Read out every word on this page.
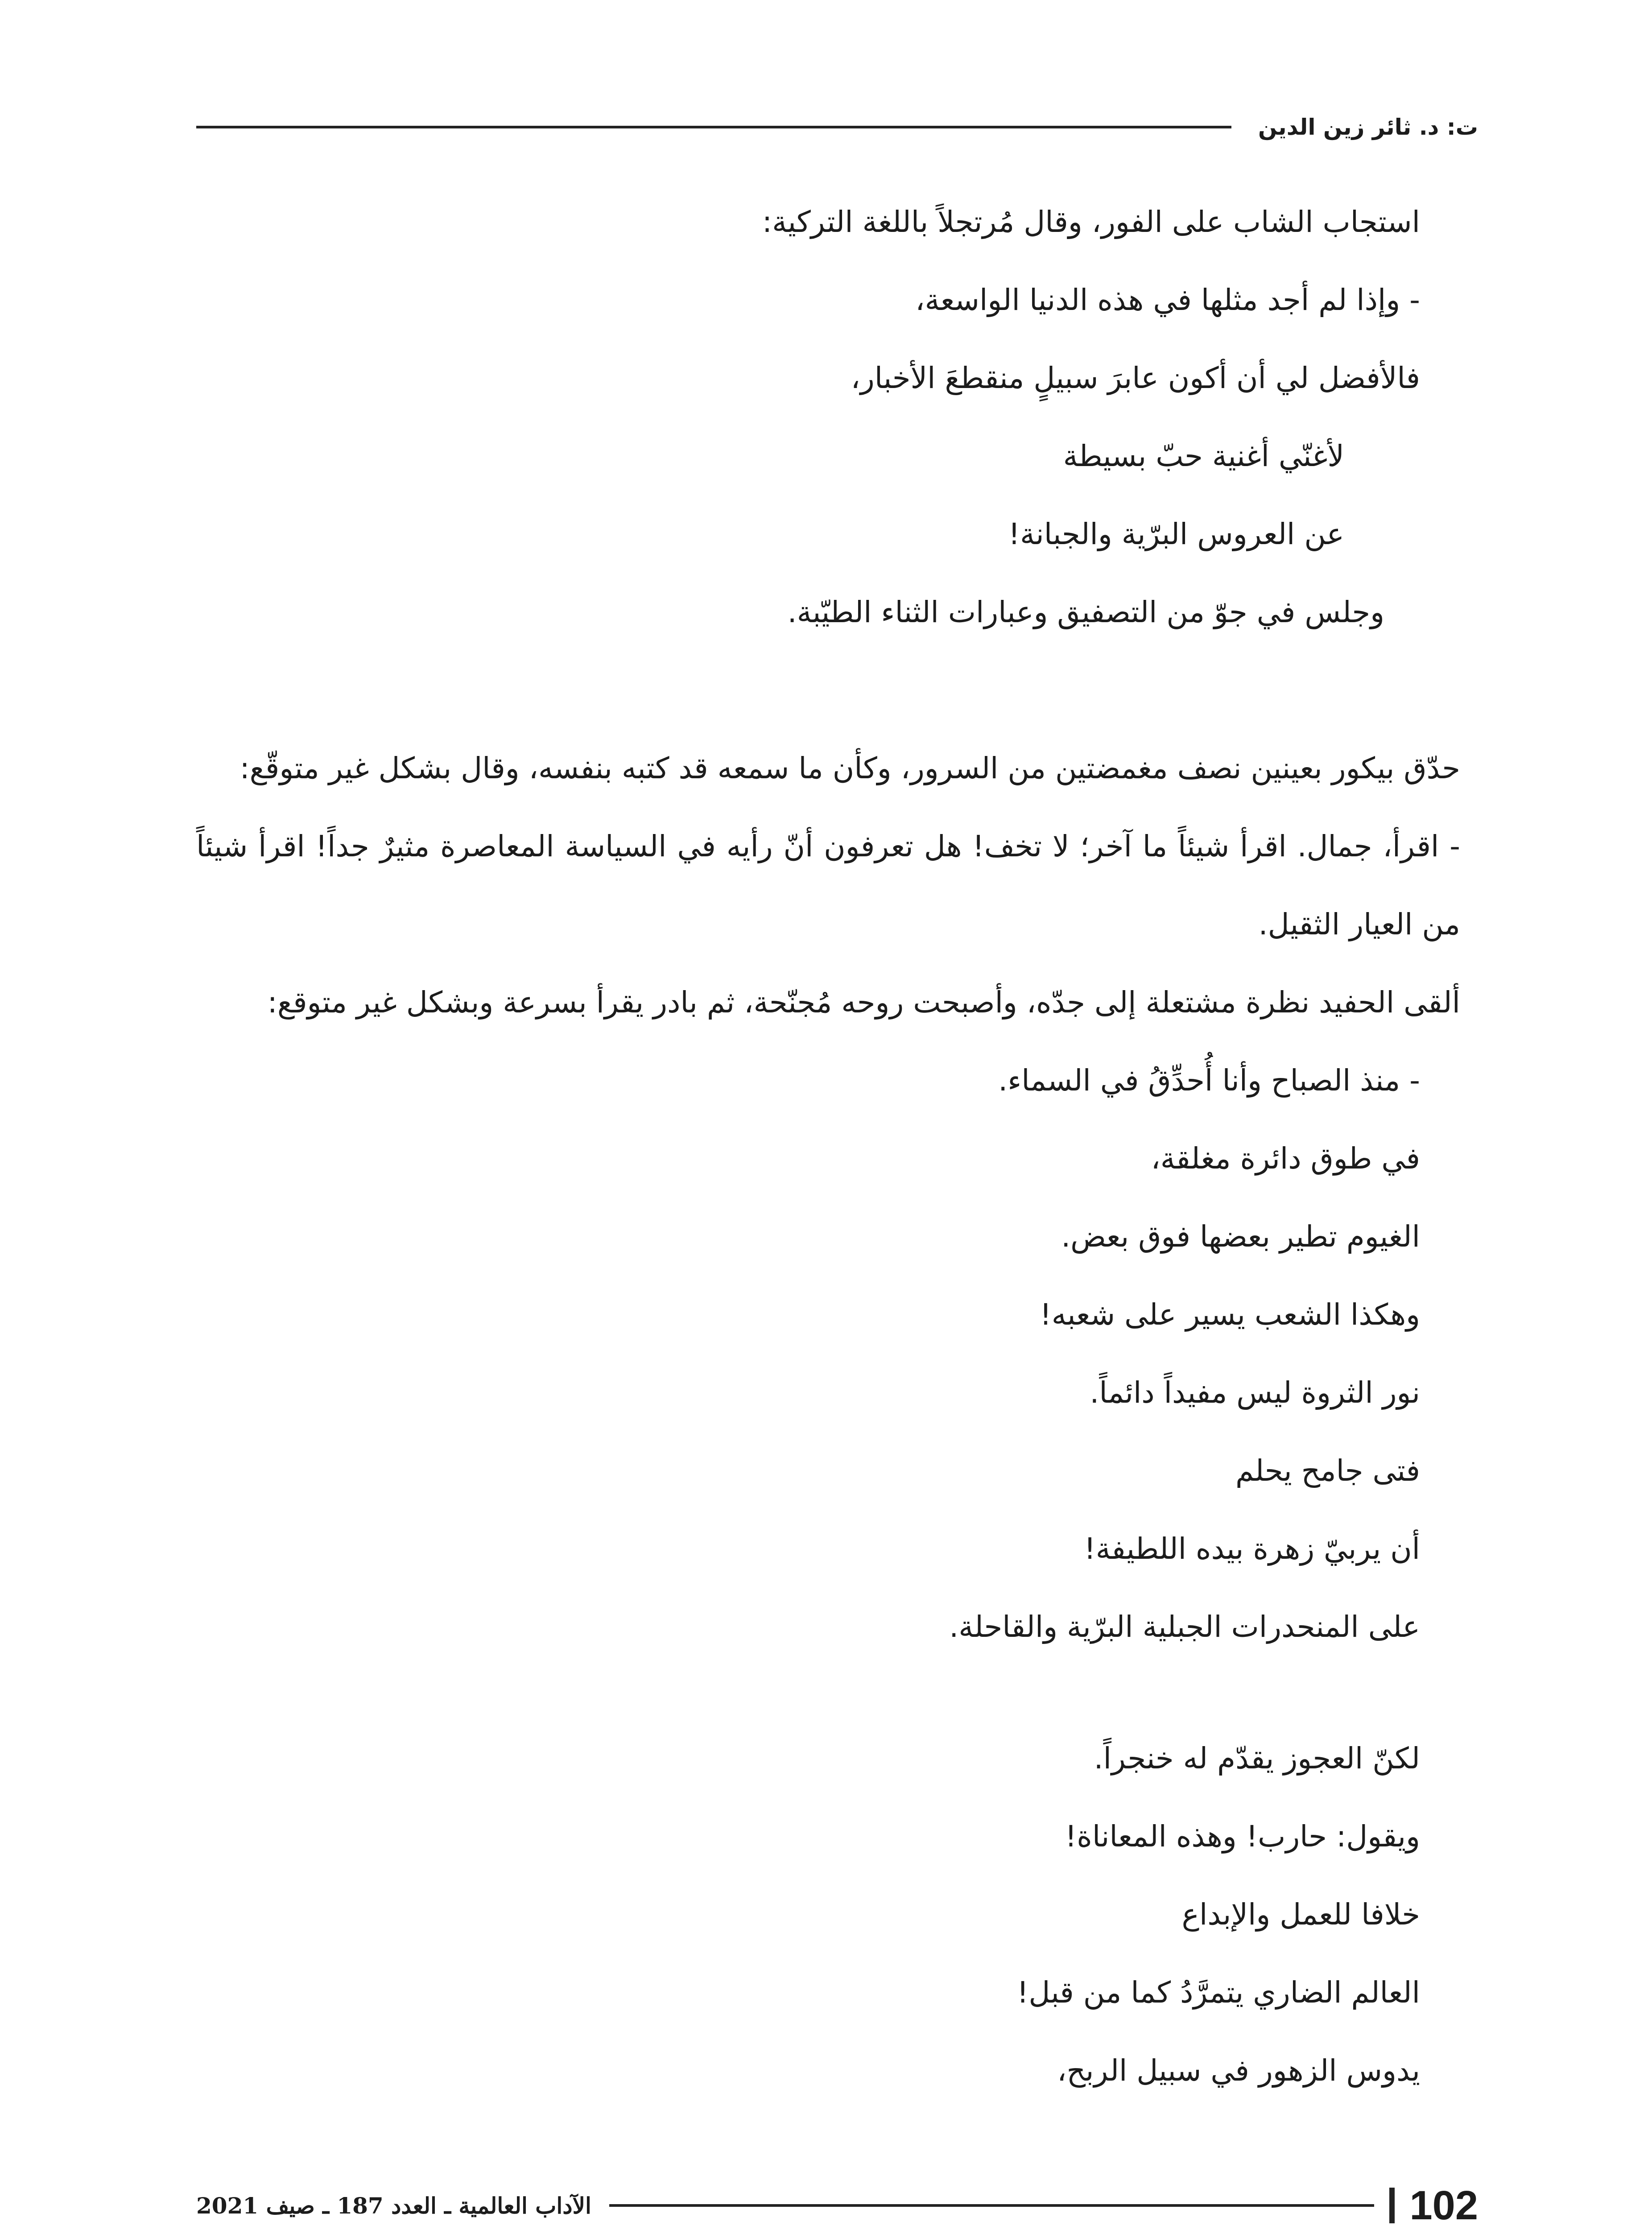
ت: د. ثائر زين الدين
استجاب الشاب على الفور، وقال مُرتجلاً باللغة التركية:
- وإذا لم أجد مثلها في هذه الدنيا الواسعة،
فالأفضل لي أن أكون عابرَ سبيلٍ منقطعَ الأخبار،
لأغنّي أغنية حبّ بسيطة
عن العروس البرّية والجبانة!
وجلس في جوّ من التصفيق وعبارات الثناء الطيّبة.
حدّق بيكور بعينين نصف مغمضتين من السرور، وكأن ما سمعه قد كتبه بنفسه، وقال بشكل غير متوقّع:
- اقرأ، جمال. اقرأ شيئاً ما آخر؛ لا تخف! هل تعرفون أنّ رأيه في السياسة المعاصرة مثيرٌ جداً! اقرأ شيئاً من العيار الثقيل.
ألقى الحفيد نظرة مشتعلة إلى جدّه، وأصبحت روحه مُجنّحة، ثم بادر يقرأ بسرعة وبشكل غير متوقع:
- منذ الصباح وأنا أُحدِّقُ في السماء.
في طوق دائرة مغلقة،
الغيوم تطير بعضها فوق بعض.
وهكذا الشعب يسير على شعبه!
نور الثروة ليس مفيداً دائماً.
فتى جامح يحلم
أن يربيّ زهرة بيده اللطيفة!
على المنحدرات الجبلية البرّية والقاحلة.
لكنّ العجوز يقدّم له خنجراً.
ويقول: حارب! وهذه المعاناة!
خلافا للعمل والإبداع
العالم الضاري يتمرَّدُ كما من قبل!
يدوس الزهور في سبيل الربح،
102
الآداب العالمية ـ العدد 187 ـ صيف 2021
